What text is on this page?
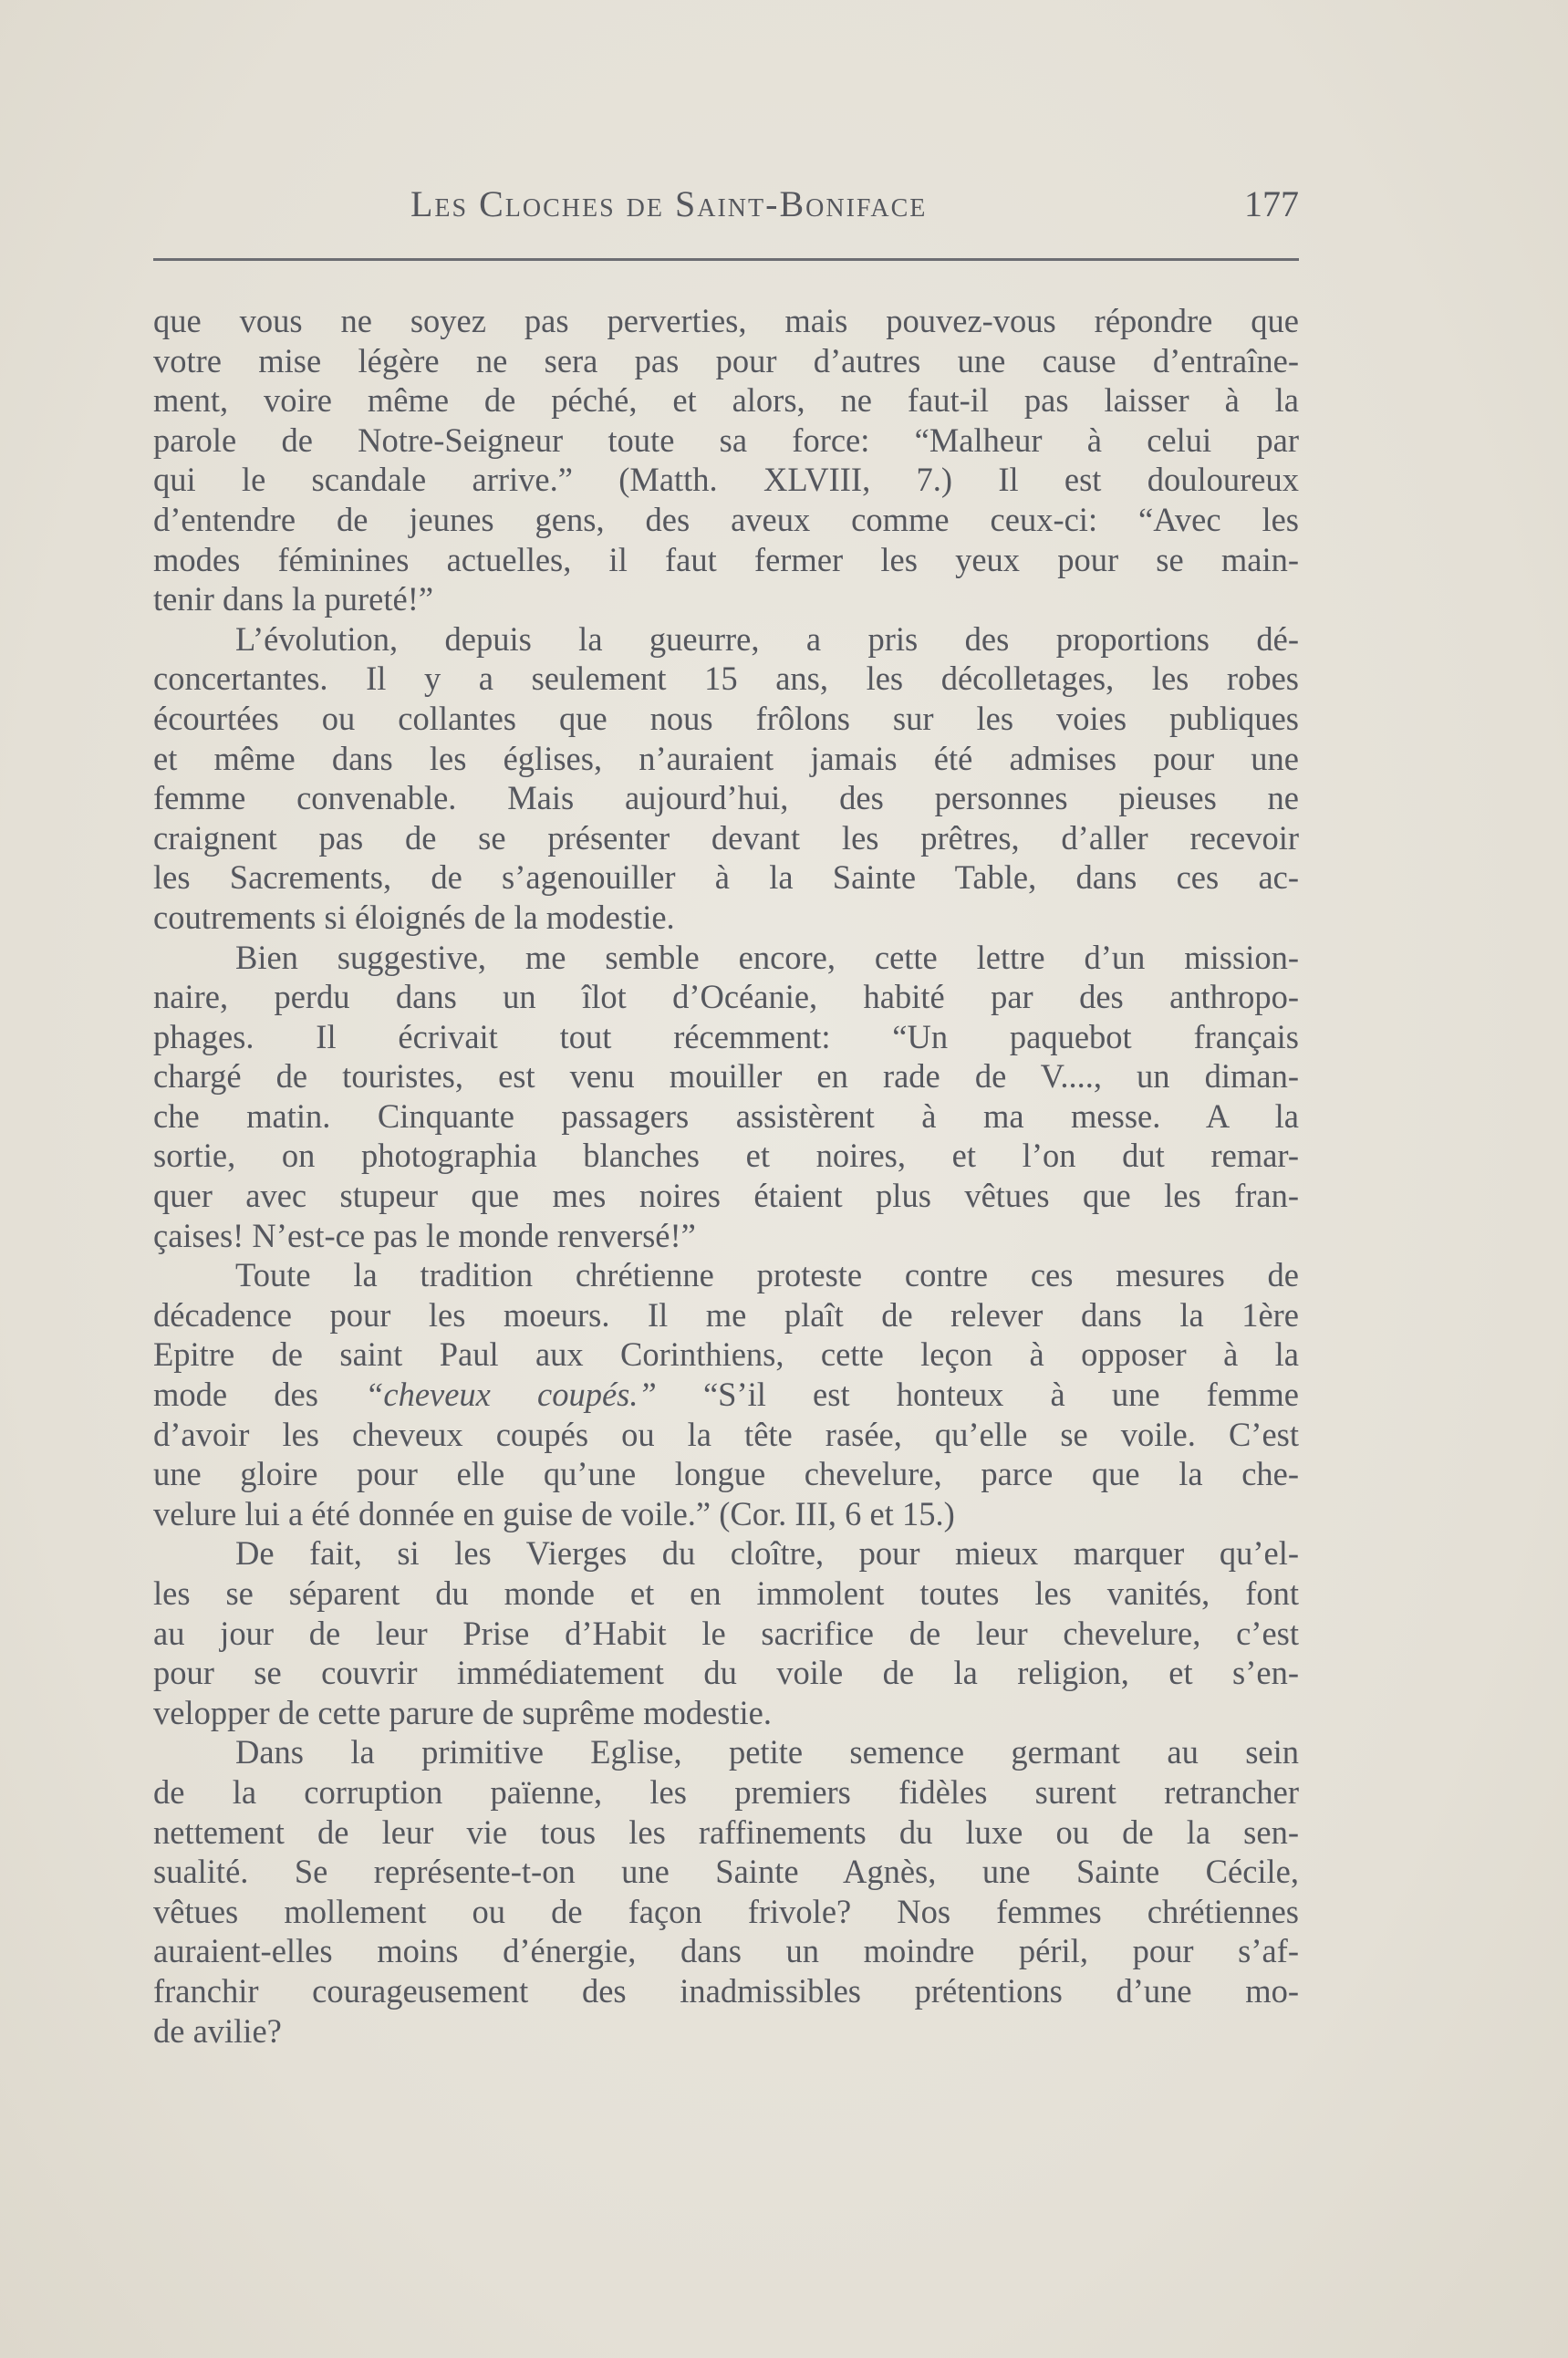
Les Cloches de Saint-Boniface	177
que vous ne soyez pas perverties, mais pouvez-vous répondre que
votre mise légère ne sera pas pour d’autres une cause d’entraîne-
ment, voire même de péché, et alors, ne faut-il pas laisser à la
parole de Notre-Seigneur toute sa force: “Malheur à celui par
qui le scandale arrive.” (Matth. XLVIII, 7.) Il est douloureux
d’entendre de jeunes gens, des aveux comme ceux-ci: “Avec les
modes féminines actuelles, il faut fermer les yeux pour se main-
tenir dans la pureté!”
L’évolution, depuis la gueurre, a pris des proportions dé-
concertantes. Il y a seulement 15 ans, les décolletages, les robes
écourtées ou collantes que nous frôlons sur les voies publiques
et même dans les églises, n’auraient jamais été admises pour une
femme convenable. Mais aujourd’hui, des personnes pieuses ne
craignent pas de se présenter devant les prêtres, d’aller recevoir
les Sacrements, de s’agenouiller à la Sainte Table, dans ces ac-
coutrements si éloignés de la modestie.
Bien suggestive, me semble encore, cette lettre d’un mission-
naire, perdu dans un îlot d’Océanie, habité par des anthropo-
phages. Il écrivait tout récemment: “Un paquebot français
chargé de touristes, est venu mouiller en rade de V...., un diman-
che matin. Cinquante passagers assistèrent à ma messe. A la
sortie, on photographia blanches et noires, et l’on dut remar-
quer avec stupeur que mes noires étaient plus vêtues que les fran-
çaises! N’est-ce pas le monde renversé!”
Toute la tradition chrétienne proteste contre ces mesures de
décadence pour les moeurs. Il me plaît de relever dans la 1ère
Epitre de saint Paul aux Corinthiens, cette leçon à opposer à la
mode des “cheveux coupés.” “S’il est honteux à une femme
d’avoir les cheveux coupés ou la tête rasée, qu’elle se voile. C’est
une gloire pour elle qu’une longue chevelure, parce que la che-
velure lui a été donnée en guise de voile.” (Cor. III, 6 et 15.)
De fait, si les Vierges du cloître, pour mieux marquer qu’el-
les se séparent du monde et en immolent toutes les vanités, font
au jour de leur Prise d’Habit le sacrifice de leur chevelure, c’est
pour se couvrir immédiatement du voile de la religion, et s’en-
velopper de cette parure de suprême modestie.
Dans la primitive Eglise, petite semence germant au sein
de la corruption païenne, les premiers fidèles surent retrancher
nettement de leur vie tous les raffinements du luxe ou de la sen-
sualité. Se représente-t-on une Sainte Agnès, une Sainte Cécile,
vêtues mollement ou de façon frivole? Nos femmes chrétiennes
auraient-elles moins d’énergie, dans un moindre péril, pour s’af-
franchir courageusement des inadmissibles prétentions d’une mo-
de avilie?
